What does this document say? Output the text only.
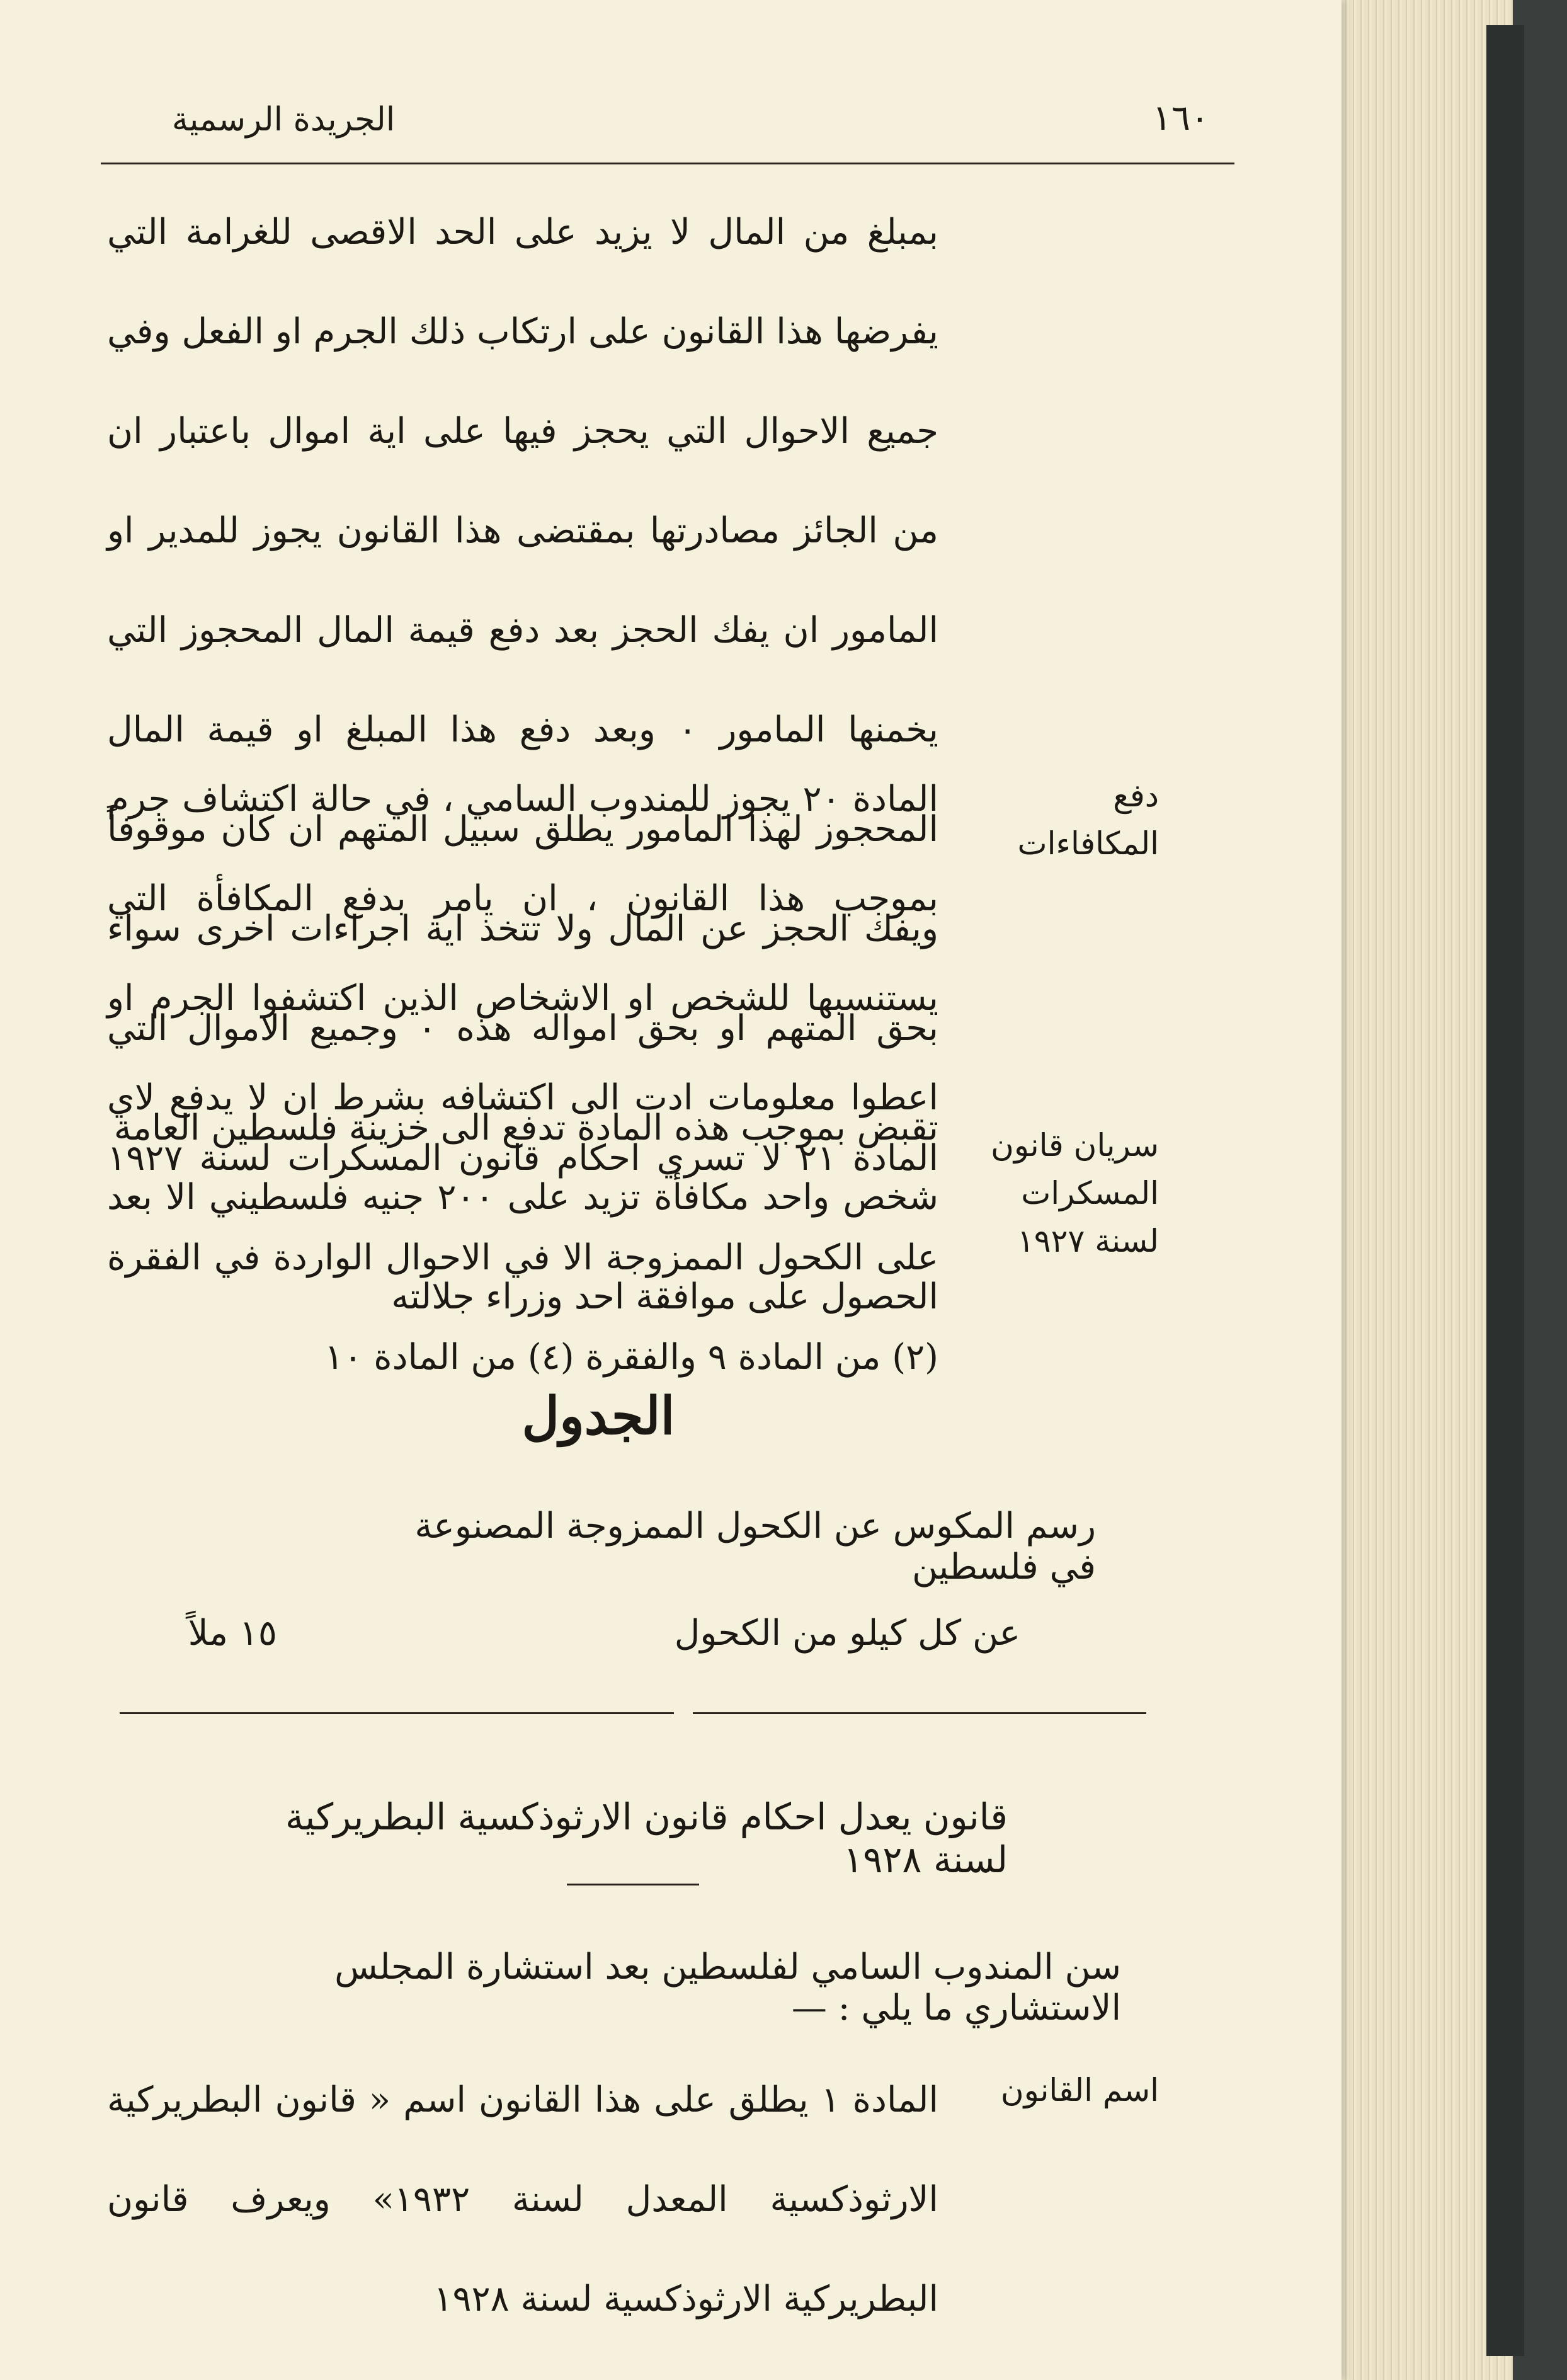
الجريدة الرسمية	١٦٠
بمبلغ من المال لا يزيد على الحد الاقصى للغرامة التي يفرضها هذا القانون على ارتكاب ذلك الجرم او الفعل وفي جميع الاحوال التي يحجز فيها على اية اموال باعتبار ان من الجائز مصادرتها بمقتضى هذا القانون يجوز للمدير او المامور ان يفك الحجز بعد دفع قيمة المال المحجوز التي يخمنها المامور ٠ وبعد دفع هذا المبلغ او قيمة المال المحجوز لهذا المامور يطلق سبيل المتهم ان كان موقوفاً ويفك الحجز عن المال ولا تتخذ اية اجراءات اخرى سواء بحق المتهم او بحق امواله هذه ٠ وجميع الاموال التي تقبض بموجب هذه المادة تدفع الى خزينة فلسطين العامة
دفع المكافاءات
المادة ٢٠ يجوز للمندوب السامي ، في حالة اكتشاف جرم بموجب هذا القانون ، ان يامر بدفع المكافأة التي يستنسبها للشخص او الاشخاص الذين اكتشفوا الجرم او اعطوا معلومات ادت الى اكتشافه بشرط ان لا يدفع لاي شخص واحد مكافأة تزيد على ٢٠٠ جنيه فلسطيني الا بعد الحصول على موافقة احد وزراء جلالته
سريان قانون المسكرات لسنة ١٩٢٧
المادة ٢١ لا تسري احكام قانون المسكرات لسنة ١٩٢٧ على الكحول الممزوجة الا في الاحوال الواردة في الفقرة (٢) من المادة ٩ والفقرة (٤) من المادة ١٠
الجدول
رسم المكوس عن الكحول الممزوجة المصنوعة في فلسطين
عن كل كيلو من الكحول
١٥ ملاً
قانون يعدل احكام قانون الارثوذكسية البطريركية لسنة ١٩٢٨
سن المندوب السامي لفلسطين بعد استشارة المجلس الاستشاري ما يلي : —
اسم القانون
المادة ١ يطلق على هذا القانون اسم « قانون البطريركية الارثوذكسية المعدل لسنة ١٩٣٢» ويعرف قانون البطريركية الارثوذكسية لسنة ١٩٢٨
